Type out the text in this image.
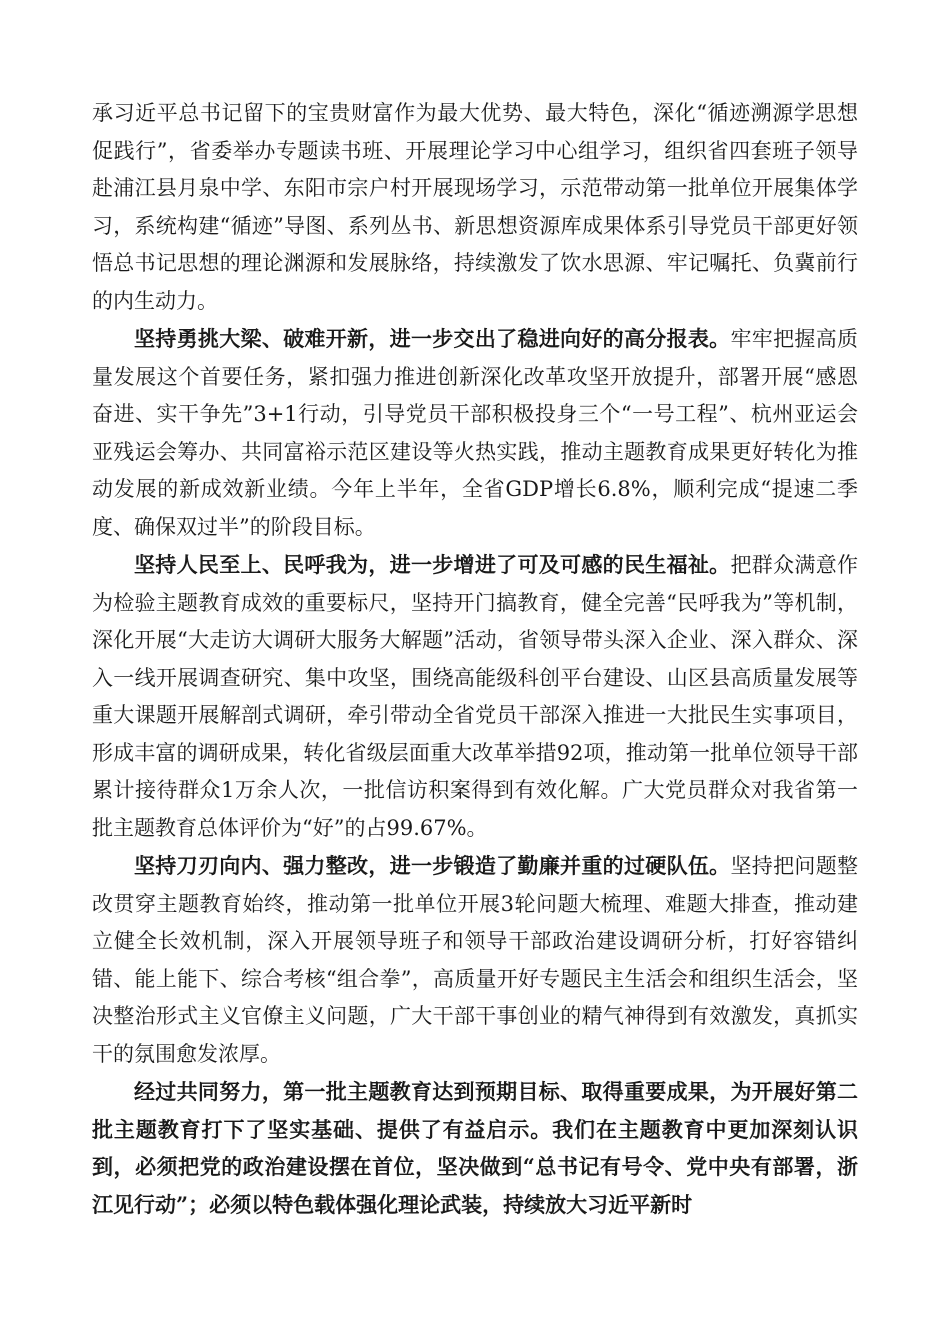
承习近平总书记留下的宝贵财富作为最大优势、最大特色，深化“循迹溯源学思想促践行”，省委举办专题读书班、开展理论学习中心组学习，组织省四套班子领导赴浦江县月泉中学、东阳市宗户村开展现场学习，示范带动第一批单位开展集体学习，系统构建“循迹”导图、系列丛书、新思想资源库成果体系引导党员干部更好领悟总书记思想的理论渊源和发展脉络，持续激发了饮水思源、牢记嘱托、负冀前行的内生动力。

坚持勇挑大梁、破难开新，进一步交出了稳进向好的高分报表。牢牢把握高质量发展这个首要任务，紧扣强力推进创新深化改革攻坚开放提升，部署开展“感恩奋进、实干争先”3+1行动，引导党员干部积极投身三个“一号工程”、杭州亚运会亚残运会筹办、共同富裕示范区建设等火热实践，推动主题教育成果更好转化为推动发展的新成效新业绩。今年上半年，全省GDP增长6.8%，顺利完成“提速二季度、确保双过半”的阶段目标。

坚持人民至上、民呼我为，进一步增进了可及可感的民生福祉。把群众满意作为检验主题教育成效的重要标尺，坚持开门搞教育，健全完善“民呼我为”等机制，深化开展“大走访大调研大服务大解题”活动，省领导带头深入企业、深入群众、深入一线开展调查研究、集中攻坚，围绕高能级科创平台建设、山区县高质量发展等重大课题开展解剖式调研，牵引带动全省党员干部深入推进一大批民生实事项目，形成丰富的调研成果，转化省级层面重大改革举措92项，推动第一批单位领导干部累计接待群众1万余人次，一批信访积案得到有效化解。广大党员群众对我省第一批主题教育总体评价为“好”的占99.67%。

坚持刀刃向内、强力整改，进一步锻造了勤廉并重的过硬队伍。坚持把问题整改贯穿主题教育始终，推动第一批单位开展3轮问题大梳理、难题大排查，推动建立健全长效机制，深入开展领导班子和领导干部政治建设调研分析，打好容错纠错、能上能下、综合考核“组合拳”，高质量开好专题民主生活会和组织生活会，坚决整治形式主义官僚主义问题，广大干部干事创业的精气神得到有效激发，真抓实干的氛围愈发浓厚。

经过共同努力，第一批主题教育达到预期目标、取得重要成果，为开展好第二批主题教育打下了坚实基础、提供了有益启示。我们在主题教育中更加深刻认识到，必须把党的政治建设摆在首位，坚决做到“总书记有号令、党中央有部署，浙江见行动”；必须以特色载体强化理论武装，持续放大习近平新时
